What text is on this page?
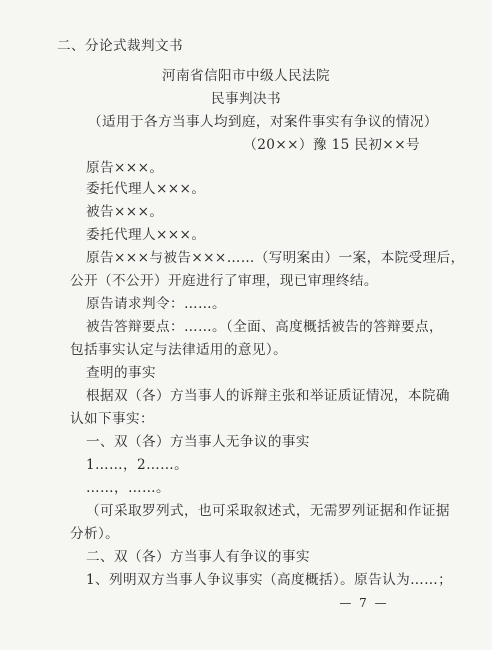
二、分论式裁判文书
河南省信阳市中级人民法院
民事判决书
（适用于各方当事人均到庭，对案件事实有争议的情况）
（20××）豫 15 民初××号
原告×××。
委托代理人×××。
被告×××。
委托代理人×××。
原告×××与被告×××……（写明案由）一案，本院受理后，
公开（不公开）开庭进行了审理，现已审理终结。
原告请求判令：……。
被告答辩要点：……。（全面、高度概括被告的答辩要点，
包括事实认定与法律适用的意见）。
查明的事实
根据双（各）方当事人的诉辩主张和举证质证情况，本院确
认如下事实：
一、双（各）方当事人无争议的事实
1……，2……。
……，……。
（可采取罗列式，也可采取叙述式，无需罗列证据和作证据
分析）。
二、双（各）方当事人有争议的事实
1、列明双方当事人争议事实（高度概括）。原告认为……；
— 7 —
